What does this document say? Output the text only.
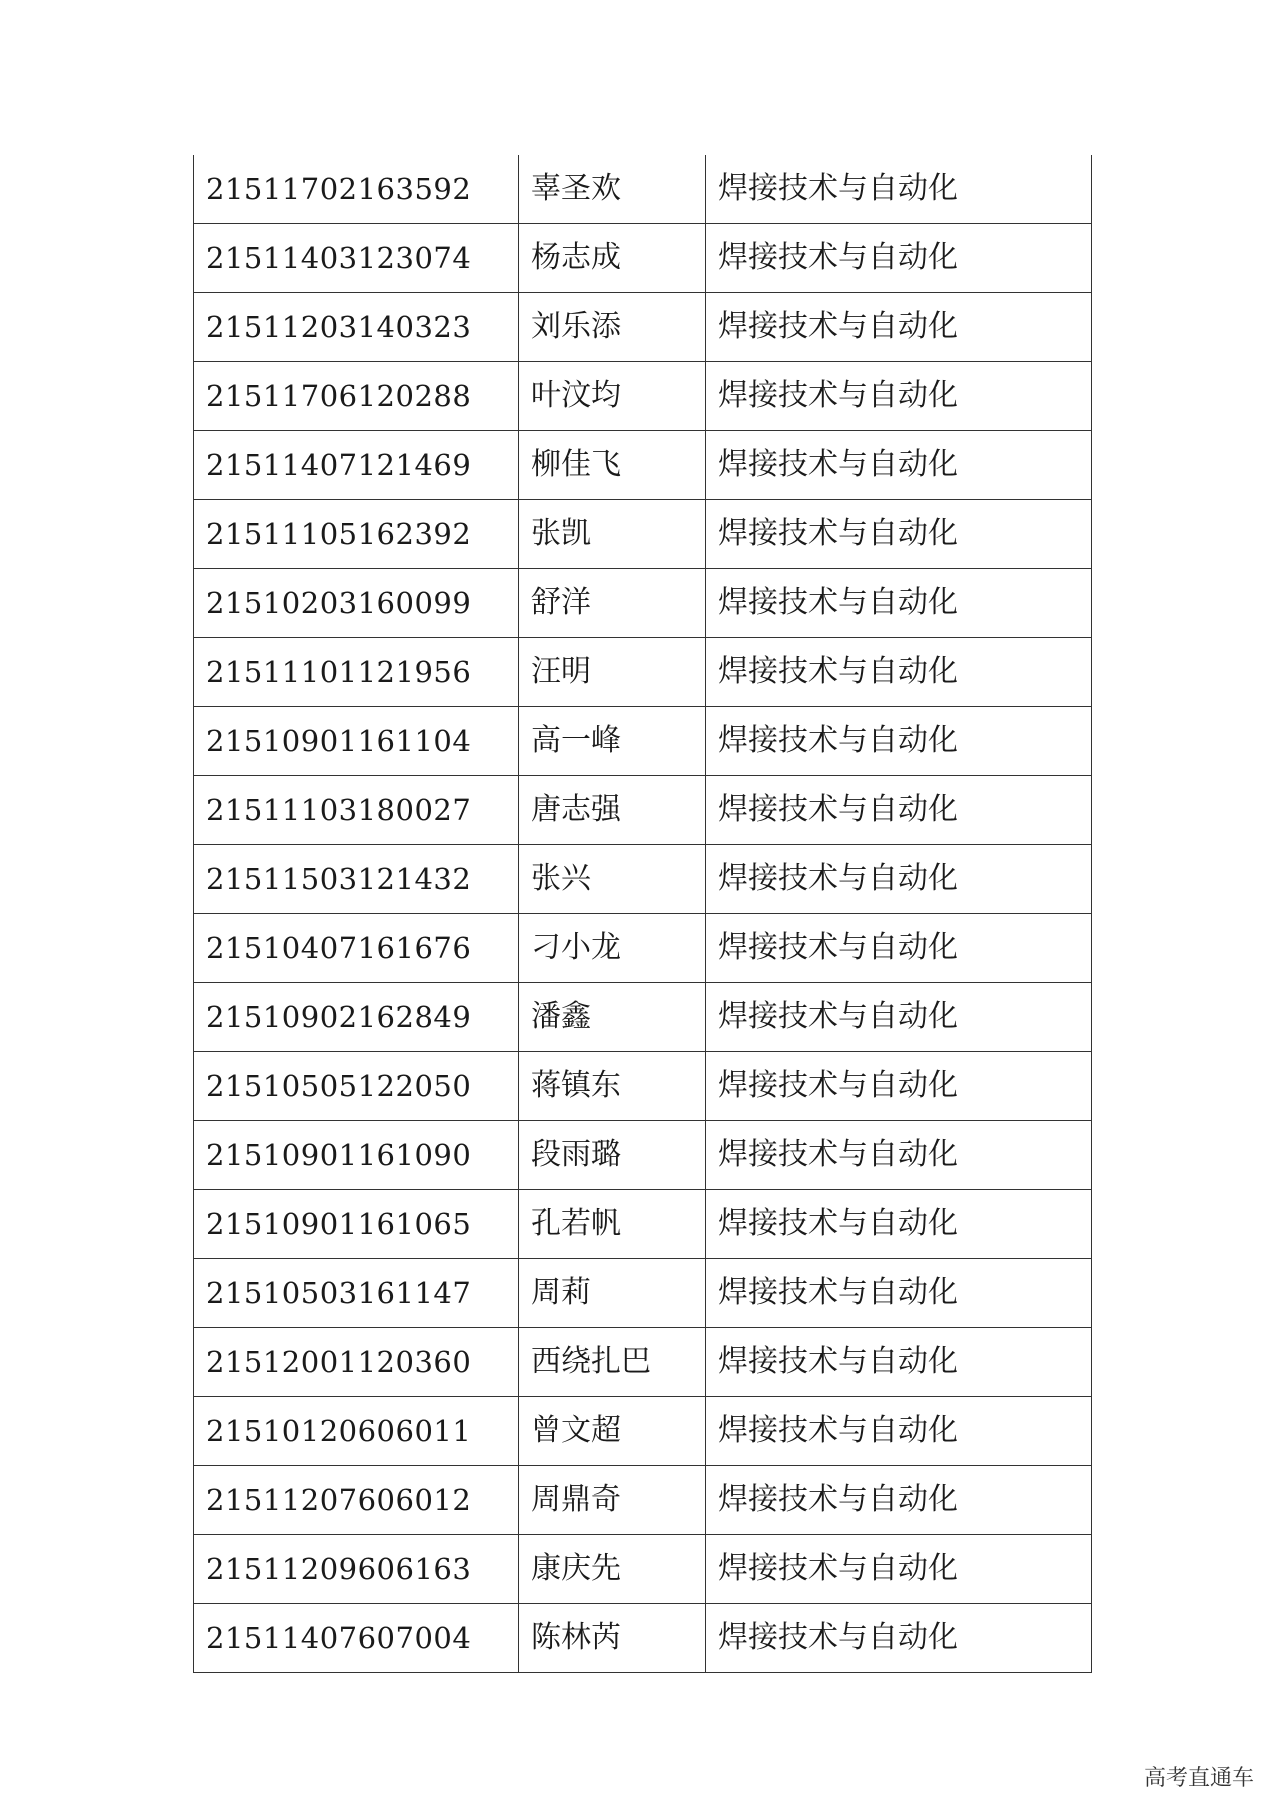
21511702163592	辜圣欢	焊接技术与自动化
21511403123074	杨志成	焊接技术与自动化
21511203140323	刘乐添	焊接技术与自动化
21511706120288	叶汶均	焊接技术与自动化
21511407121469	柳佳飞	焊接技术与自动化
21511105162392	张凯	焊接技术与自动化
21510203160099	舒洋	焊接技术与自动化
21511101121956	汪明	焊接技术与自动化
21510901161104	高一峰	焊接技术与自动化
21511103180027	唐志强	焊接技术与自动化
21511503121432	张兴	焊接技术与自动化
21510407161676	刁小龙	焊接技术与自动化
21510902162849	潘鑫	焊接技术与自动化
21510505122050	蒋镇东	焊接技术与自动化
21510901161090	段雨璐	焊接技术与自动化
21510901161065	孔若帆	焊接技术与自动化
21510503161147	周莉	焊接技术与自动化
21512001120360	西绕扎巴	焊接技术与自动化
21510120606011	曾文超	焊接技术与自动化
21511207606012	周鼎奇	焊接技术与自动化
21511209606163	康庆先	焊接技术与自动化
21511407607004	陈林芮	焊接技术与自动化
高考直通车
